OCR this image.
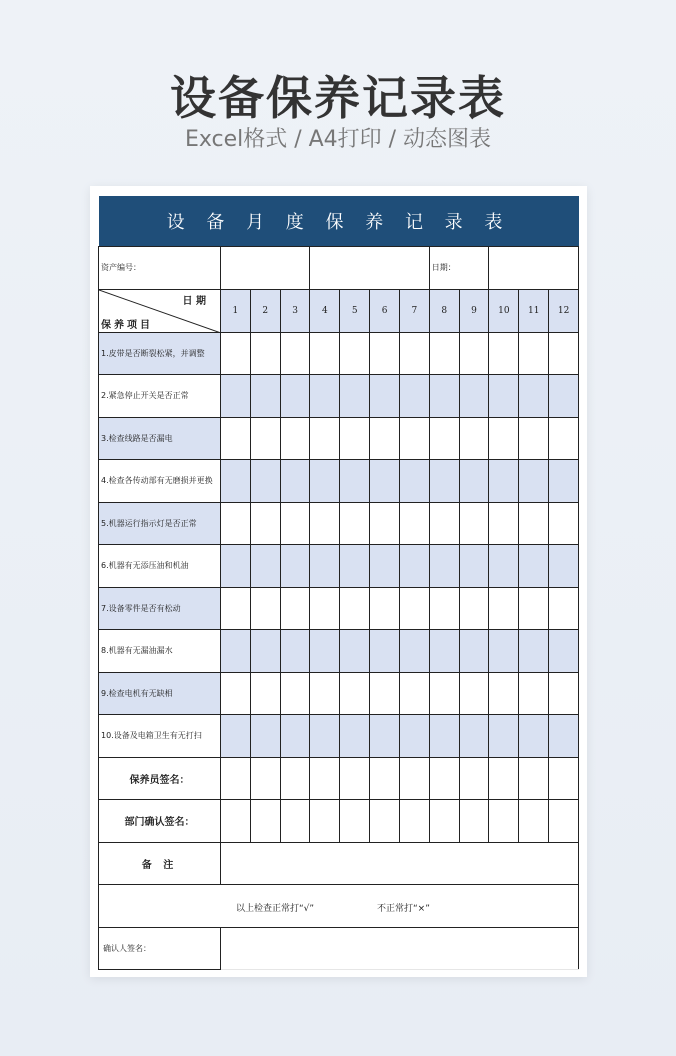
设备保养记录表
Excel格式 / A4打印 / 动态图表
设 备 月 度 保 养 记 录 表												
资产编号：								日期：				

日 期
保养项目	1	2	3	4	5	6	7	8	9	10	11	12
1.皮带是否断裂松紧，并调整												
2.紧急停止开关是否正常												
3.检查线路是否漏电												
4.检查各传动部有无磨损并更换												
5.机器运行指示灯是否正常												
6.机器有无添压油和机油												
7.设备零件是否有松动												
8.机器有无漏油漏水												
9.检查电机有无缺相												
10.设备及电箱卫生有无打扫												
保养员签名：												
部门确认签名：												
备 注												

以上检查正常打“√” 不正常打“×”												

确认人签名：												
